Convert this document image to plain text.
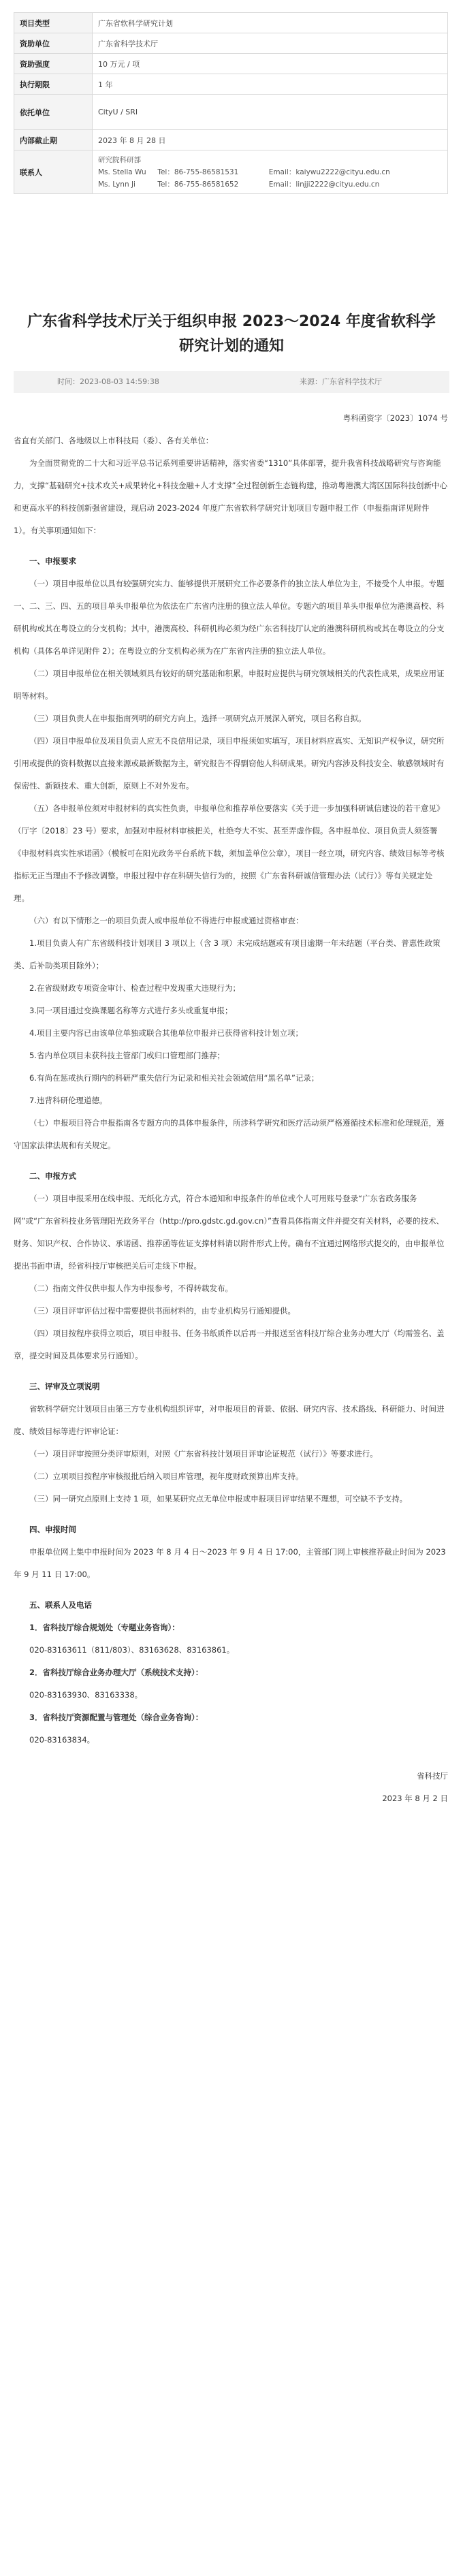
项目类型	广东省软科学研究计划
资助单位	广东省科学技术厅
资助强度	10 万元 / 项
执行期限	1 年
依托单位	CityU / SRI
内部截止期	2023 年 8 月 28 日
联系人	研究院科研部
Ms. Stella Wu Tel：86-755-86581531 Email：kaiywu2222@cityu.edu.cn
Ms. Lynn Ji Tel：86-755-86581652 Email：linjji2222@cityu.edu.cn
广东省科学技术厅关于组织申报 2023～2024 年度省软科学研究计划的通知
时间：2023-08-03 14:59:38	来源：广东省科学技术厅

粤科函资字〔2023〕1074 号

省直有关部门、各地级以上市科技局（委）、各有关单位：

为全面贯彻党的二十大和习近平总书记系列重要讲话精神，落实省委“1310”具体部署，提升我省科技战略研究与咨询能力，支撑“基础研究+技术攻关+成果转化+科技金融+人才支撑”全过程创新生态链构建，推动粤港澳大湾区国际科技创新中心和更高水平的科技创新强省建设，现启动 2023-2024 年度广东省软科学研究计划项目专题申报工作（申报指南详见附件 1）。有关事项通知如下：

一、申报要求

（一）项目申报单位以具有较强研究实力、能够提供开展研究工作必要条件的独立法人单位为主，不接受个人申报。专题一、二、三、四、五的项目单头申报单位为依法在广东省内注册的独立法人单位。专题六的项目单头申报单位为港澳高校、科研机构或其在粤设立的分支机构；其中，港澳高校、科研机构必须为经广东省科技厅认定的港澳科研机构或其在粤设立的分支机构（具体名单详见附件 2）；在粤设立的分支机构必须为在广东省内注册的独立法人单位。

（二）项目申报单位在相关领域须具有较好的研究基础和积累，申报时应提供与研究领域相关的代表性成果，成果应用证明等材料。

（三）项目负责人在申报指南列明的研究方向上，选择一项研究点开展深入研究，项目名称自拟。

（四）项目申报单位及项目负责人应无不良信用记录，项目申报须如实填写，项目材料应真实、无知识产权争议，研究所引用或提供的资料数据以直接来源或最新数据为主，研究报告不得剽窃他人科研成果。研究内容涉及科技安全、敏感领域时有保密性、新颖技术、重大创新，原则上不对外发布。

（五）各申报单位须对申报材料的真实性负责，申报单位和推荐单位要落实《关于进一步加强科研诚信建设的若干意见》（厅字〔2018〕23 号）要求，加强对申报材料审核把关，杜绝夸大不实、甚至弄虚作假。各申报单位、项目负责人须签署《申报材料真实性承诺函》（模板可在阳光政务平台系统下载，须加盖单位公章），项目一经立项，研究内容、绩效目标等考核指标无正当理由不予修改调整。申报过程中存在科研失信行为的，按照《广东省科研诚信管理办法（试行）》等有关规定处理。

（六）有以下情形之一的项目负责人或申报单位不得进行申报或通过资格审查：

1.项目负责人有广东省级科技计划项目 3 项以上（含 3 项）未完成结题或有项目逾期一年未结题（平台类、普惠性政策类、后补助类项目除外）；

2.在省级财政专项资金审计、检查过程中发现重大违规行为；

3.同一项目通过变换课题名称等方式进行多头或重复申报；

4.项目主要内容已由该单位单独或联合其他单位申报并已获得省科技计划立项；

5.省内单位项目未获科技主管部门或归口管理部门推荐；

6.有尚在惩戒执行期内的科研严重失信行为记录和相关社会领域信用“黑名单”记录；

7.违背科研伦理道德。

（七）申报项目符合申报指南各专题方向的具体申报条件，所涉科学研究和医疗活动须严格遵循技术标准和伦理规范，遵守国家法律法规和有关规定。

二、申报方式

（一）项目申报采用在线申报、无纸化方式，符合本通知和申报条件的单位或个人可用账号登录“广东省政务服务网”或“广东省科技业务管理阳光政务平台（http://pro.gdstc.gd.gov.cn）”查看具体指南文件并提交有关材料，必要的技术、财务、知识产权、合作协议、承诺函、推荐函等佐证支撑材料请以附件形式上传。确有不宜通过网络形式提交的，由申报单位提出书面申请，经省科技厅审核把关后可走线下申报。

（二）指南文件仅供申报人作为申报参考，不得转载发布。

（三）项目评审评估过程中需要提供书面材料的，由专业机构另行通知提供。

（四）项目按程序获得立项后，项目申报书、任务书纸质件以后再一并报送至省科技厅综合业务办理大厅（均需签名、盖章，提交时间及具体要求另行通知）。

三、评审及立项说明

省软科学研究计划项目由第三方专业机构组织评审，对申报项目的背景、依据、研究内容、技术路线、科研能力、时间进度、绩效目标等进行评审论证：

（一）项目评审按照分类评审原则，对照《广东省科技计划项目评审论证规范（试行）》等要求进行。

（二）立项项目按程序审核报批后纳入项目库管理，视年度财政预算出库支持。

（三）同一研究点原则上支持 1 项，如果某研究点无单位申报或申报项目评审结果不理想，可空缺不予支持。

四、申报时间

申报单位网上集中申报时间为 2023 年 8 月 4 日～2023 年 9 月 4 日 17:00，主管部门网上审核推荐截止时间为 2023 年 9 月 11 日 17:00。

五、联系人及电话

1．省科技厅综合规划处（专题业务咨询）：

020-83163611（811/803）、83163628、83163861。

2．省科技厅综合业务办理大厅（系统技术支持）：

020-83163930、83163338。

3．省科技厅资源配置与管理处（综合业务咨询）：

020-83163834。

省科技厅

2023 年 8 月 2 日
